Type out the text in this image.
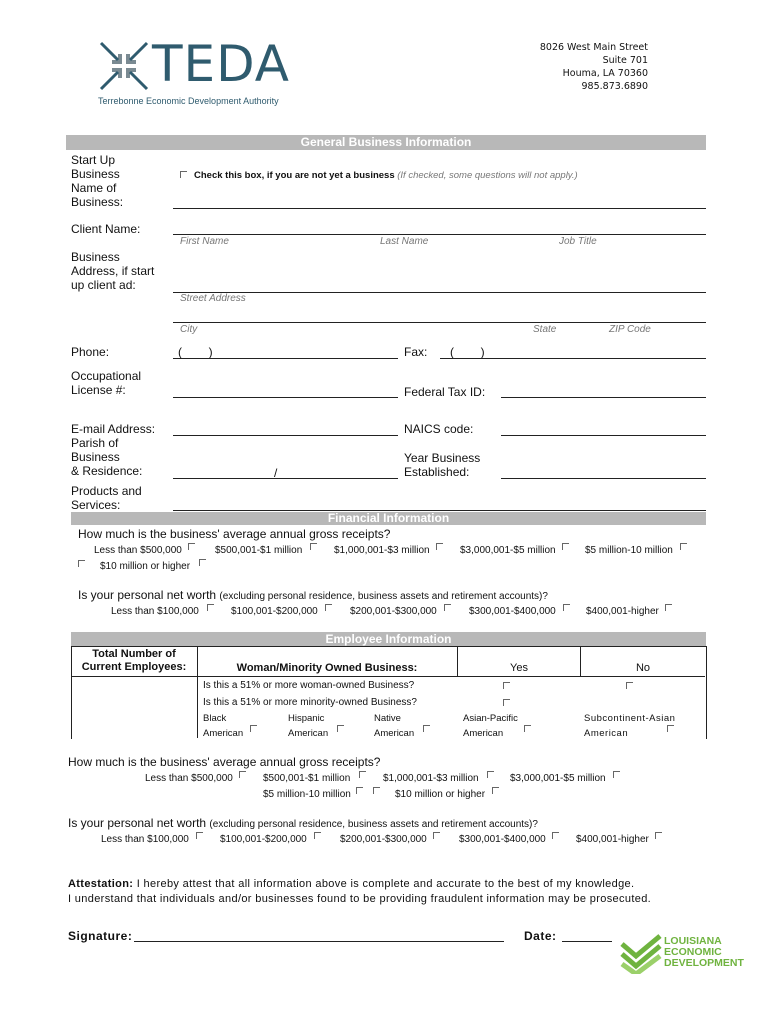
TEDA
Terrebonne Economic Development Authority
8026 West Main Street
Suite 701
Houma, LA 70360
985.873.6890
General Business Information
Start Up
Business
Name of
Business:
Check this box, if you are not yet a business (If checked, some questions will not apply.)
Client Name:
First Name	Last Name	Job Title
Business
Address, if start
up client ad:
Street Address
City	State	ZIP Code
Phone:	(        )	Fax: (        )
Occupational
License #:	Federal Tax ID:
E-mail Address:	NAICS code:
Parish of
Business
& Residence:	/
Year Business
Established:
Products and
Services:
Financial Information
How much is the business' average annual gross receipts?
Less than $500,000	$500,001-$1 million	$1,000,001-$3 million	$3,000,001-$5 million	$5 million-10 million
$10 million or higher
Is your personal net worth (excluding personal residence, business assets and retirement accounts)?
Less than $100,000	$100,001-$200,000	$200,001-$300,000	$300,001-$400,000	$400,001-higher
Employee Information
Total Number of
Current Employees:	Woman/Minority Owned Business:	Yes	No
Is this a 51% or more woman-owned Business?
Is this a 51% or more minority-owned Business?
Black
American
Hispanic
American
Native
American
Asian-Pacific
American
Subcontinent-Asian
American
How much is the business' average annual gross receipts?
Less than $500,000	$500,001-$1 million	$1,000,001-$3 million	$3,000,001-$5 million
$5 million-10 million	$10 million or higher
Is your personal net worth (excluding personal residence, business assets and retirement accounts)?
Less than $100,000	$100,001-$200,000	$200,001-$300,000	$300,001-$400,000	$400,001-higher
Attestation: I hereby attest that all information above is complete and accurate to the best of my knowledge.
I understand that individuals and/or businesses found to be providing fraudulent information may be prosecuted.
Signature:	Date:	LOUISIANA
ECONOMIC
DEVELOPMENT
